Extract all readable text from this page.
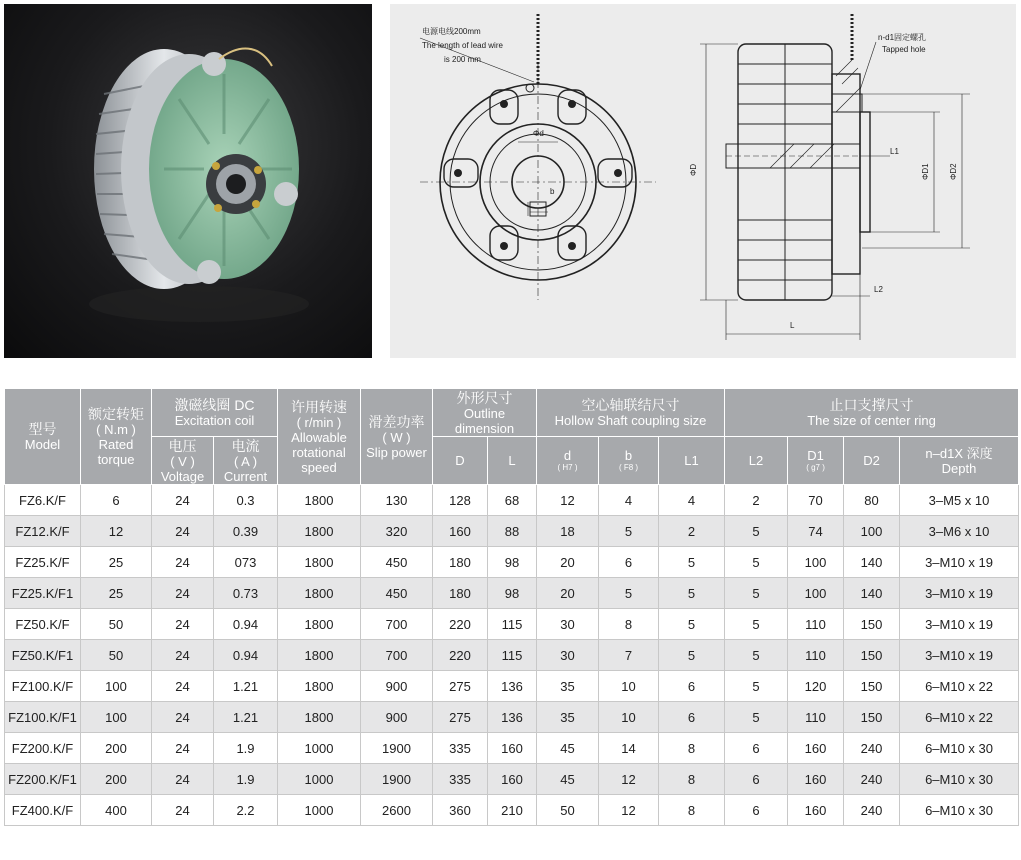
电源电线200mm
The length of lead wire
is 200 mm
Φd
b
ΦD	ΦD1 ΦD2
L1
L2
L
n-d1固定螺孔
Tapped hole
型号
Model	额定转矩
( N.m )
Rated torque	激磁线圈 DC
Excitation coil		许用转速
( r/min )
Allowable rotational speed	滑差功率
( W )
Slip power	外形尺寸
Outline dimension		空心轴联结尺寸
Hollow Shaft coupling size			止口支撑尺寸
The size of center ring			

		电压
( V )
Voltage	电流
( A )
Current			D	L	d
( H7 )	b
( F8 )	L1	L2	D1
( g7 )	D2	n–d1X 深度
Depth

FZ6.K/F	6	24	0.3	1800	130	128	68	12	4	4	2	70	80	3–M5 x 10
FZ12.K/F	12	24	0.39	1800	320	160	88	18	5	2	5	74	100	3–M6 x 10
FZ25.K/F	25	24	073	1800	450	180	98	20	6	5	5	100	140	3–M10 x 19
FZ25.K/F1	25	24	0.73	1800	450	180	98	20	5	5	5	100	140	3–M10 x 19
FZ50.K/F	50	24	0.94	1800	700	220	115	30	8	5	5	110	150	3–M10 x 19
FZ50.K/F1	50	24	0.94	1800	700	220	115	30	7	5	5	110	150	3–M10 x 19
FZ100.K/F	100	24	1.21	1800	900	275	136	35	10	6	5	120	150	6–M10 x 22
FZ100.K/F1	100	24	1.21	1800	900	275	136	35	10	6	5	110	150	6–M10 x 22
FZ200.K/F	200	24	1.9	1000	1900	335	160	45	14	8	6	160	240	6–M10 x 30
FZ200.K/F1	200	24	1.9	1000	1900	335	160	45	12	8	6	160	240	6–M10 x 30
FZ400.K/F	400	24	2.2	1000	2600	360	210	50	12	8	6	160	240	6–M10 x 30
